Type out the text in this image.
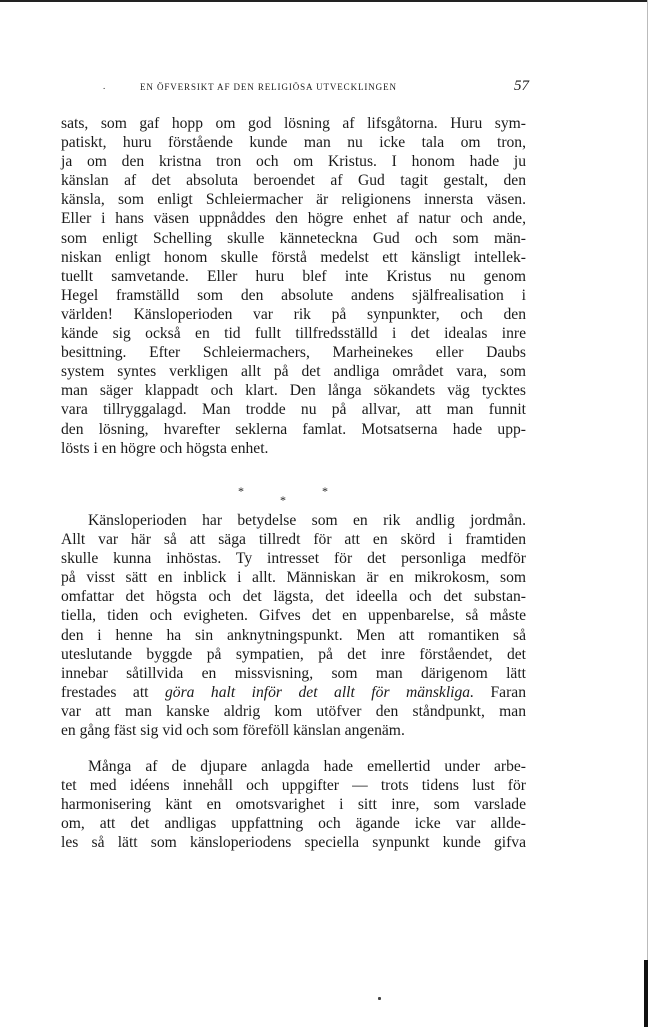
.	EN ÖFVERSIKT AF DEN RELIGIÖSA UTVECKLINGEN	57
sats, som gaf hopp om god lösning af lifsgåtorna. Huru sym-
patiskt, huru förstående kunde man nu icke tala om tron,
ja om den kristna tron och om Kristus. I honom hade ju
känslan af det absoluta beroendet af Gud tagit gestalt, den
känsla, som enligt Schleiermacher är religionens innersta väsen.
Eller i hans väsen uppnåddes den högre enhet af natur och ande,
som enligt Schelling skulle känneteckna Gud och som män-
niskan enligt honom skulle förstå medelst ett känsligt intellek-
tuellt samvetande. Eller huru blef inte Kristus nu genom
Hegel framställd som den absolute andens själfrealisation i
världen! Känsloperioden var rik på synpunkter, och den
kände sig också en tid fullt tillfredsställd i det idealas inre
besittning. Efter Schleiermachers, Marheinekes eller Daubs
system syntes verkligen allt på det andliga området vara, som
man säger klappadt och klart. Den långa sökandets väg tycktes
vara tillryggalagd. Man trodde nu på allvar, att man funnit
den lösning, hvarefter seklerna famlat. Motsatserna hade upp-
lösts i en högre och högsta enhet.
*	*
*
Känsloperioden har betydelse som en rik andlig jordmån.
Allt var här så att säga tillredt för att en skörd i framtiden
skulle kunna inhöstas. Ty intresset för det personliga medför
på visst sätt en inblick i allt. Människan är en mikrokosm, som
omfattar det högsta och det lägsta, det ideella och det substan-
tiella, tiden och evigheten. Gifves det en uppenbarelse, så måste
den i henne ha sin anknytningspunkt. Men att romantiken så
uteslutande byggde på sympatien, på det inre förståendet, det
innebar såtillvida en missvisning, som man därigenom lätt
frestades att göra halt inför det allt för mänskliga. Faran
var att man kanske aldrig kom utöfver den ståndpunkt, man
en gång fäst sig vid och som föreföll känslan angenäm.
Många af de djupare anlagda hade emellertid under arbe-
tet med idéens innehåll och uppgifter — trots tidens lust för
harmonisering känt en omotsvarighet i sitt inre, som varslade
om, att det andligas uppfattning och ägande icke var allde-
les så lätt som känsloperiodens speciella synpunkt kunde gifva
